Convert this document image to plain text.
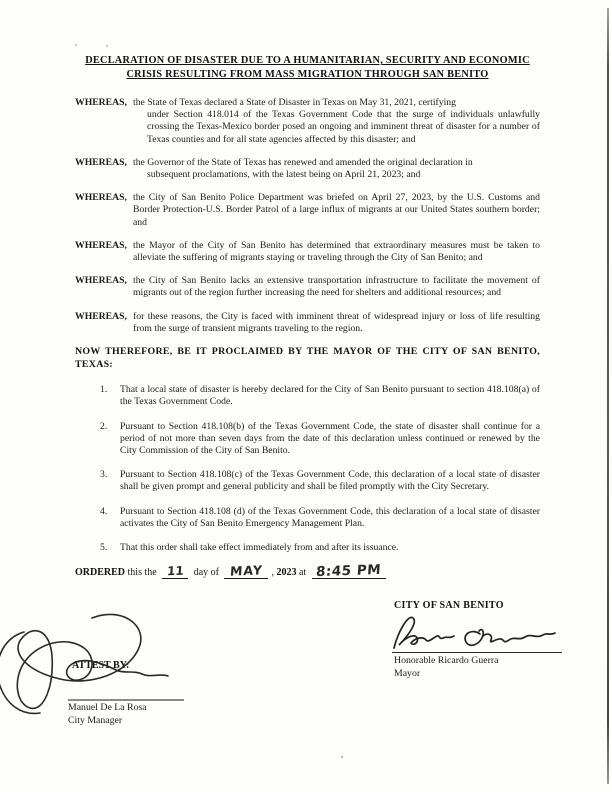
DECLARATION OF DISASTER DUE TO A HUMANITARIAN, SECURITY AND ECONOMIC
CRISIS RESULTING FROM MASS MIGRATION THROUGH SAN BENITO
WHEREAS, the State of Texas declared a State of Disaster in Texas on May 31, 2021, certifying
under Section 418.014 of the Texas Government Code that the surge of individuals unlawfully crossing the Texas-Mexico border posed an ongoing and imminent threat of disaster for a number of Texas counties and for all state agencies affected by this disaster; and
WHEREAS, the Governor of the State of Texas has renewed and amended the original declaration in
subsequent proclamations, with the latest being on April 21, 2023; and
WHEREAS, the City of San Benito Police Department was briefed on April 27, 2023, by the U.S. Customs and Border Protection-U.S. Border Patrol of a large influx of migrants at our United States southern border; and
WHEREAS, the Mayor of the City of San Benito has determined that extraordinary measures must be taken to alleviate the suffering of migrants staying or traveling through the City of San Benito; and
WHEREAS, the City of San Benito lacks an extensive transportation infrastructure to facilitate the movement of migrants out of the region further increasing the need for shelters and additional resources; and
WHEREAS, for these reasons, the City is faced with imminent threat of widespread injury or loss of life resulting from the surge of transient migrants traveling to the region.
NOW THEREFORE, BE IT PROCLAIMED BY THE MAYOR OF THE CITY OF SAN BENITO, TEXAS:
1.	That a local state of disaster is hereby declared for the City of San Benito pursuant to section 418.108(a) of the Texas Government Code.
2.	Pursuant to Section 418.108(b) of the Texas Government Code, the state of disaster shall continue for a period of not more than seven days from the date of this declaration unless continued or renewed by the City Commission of the City of San Benito.
3.	Pursuant to Section 418.108(c) of the Texas Government Code, this declaration of a local state of disaster shall be given prompt and general publicity and shall be filed promptly with the City Secretary.
4.	Pursuant to Section 418.108 (d) of the Texas Government Code, this declaration of a local state of disaster activates the City of San Benito Emergency Management Plan.
5.	That this order shall take effect immediately from and after its issuance.
ORDERED this the 11 day of MAY , 2023 at 8:45 PM
CITY OF SAN BENITO
Honorable Ricardo Guerra
Mayor
ATTEST BY:
Manuel De La Rosa
City Manager
